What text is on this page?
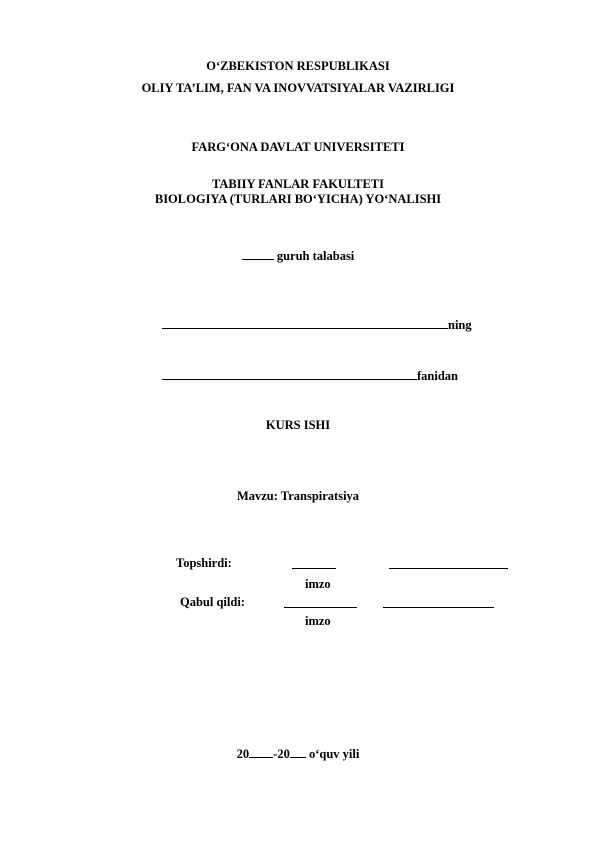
O‘ZBEKISTON RESPUBLIKASI
OLIY TA’LIM, FAN VA INOVVATSIYALAR VAZIRLIGI
FARG‘ONA DAVLAT UNIVERSITETI
TABIIY FANLAR FAKULTETI
BIOLOGIYA (TURLARI BO‘YICHA) YO‘NALISHI
guruh talabasi
ning
fanidan
KURS ISHI
Mavzu: Transpiratsiya
Topshirdi:
imzo
Qabul qildi:
imzo
20 -20 o‘quv yili
